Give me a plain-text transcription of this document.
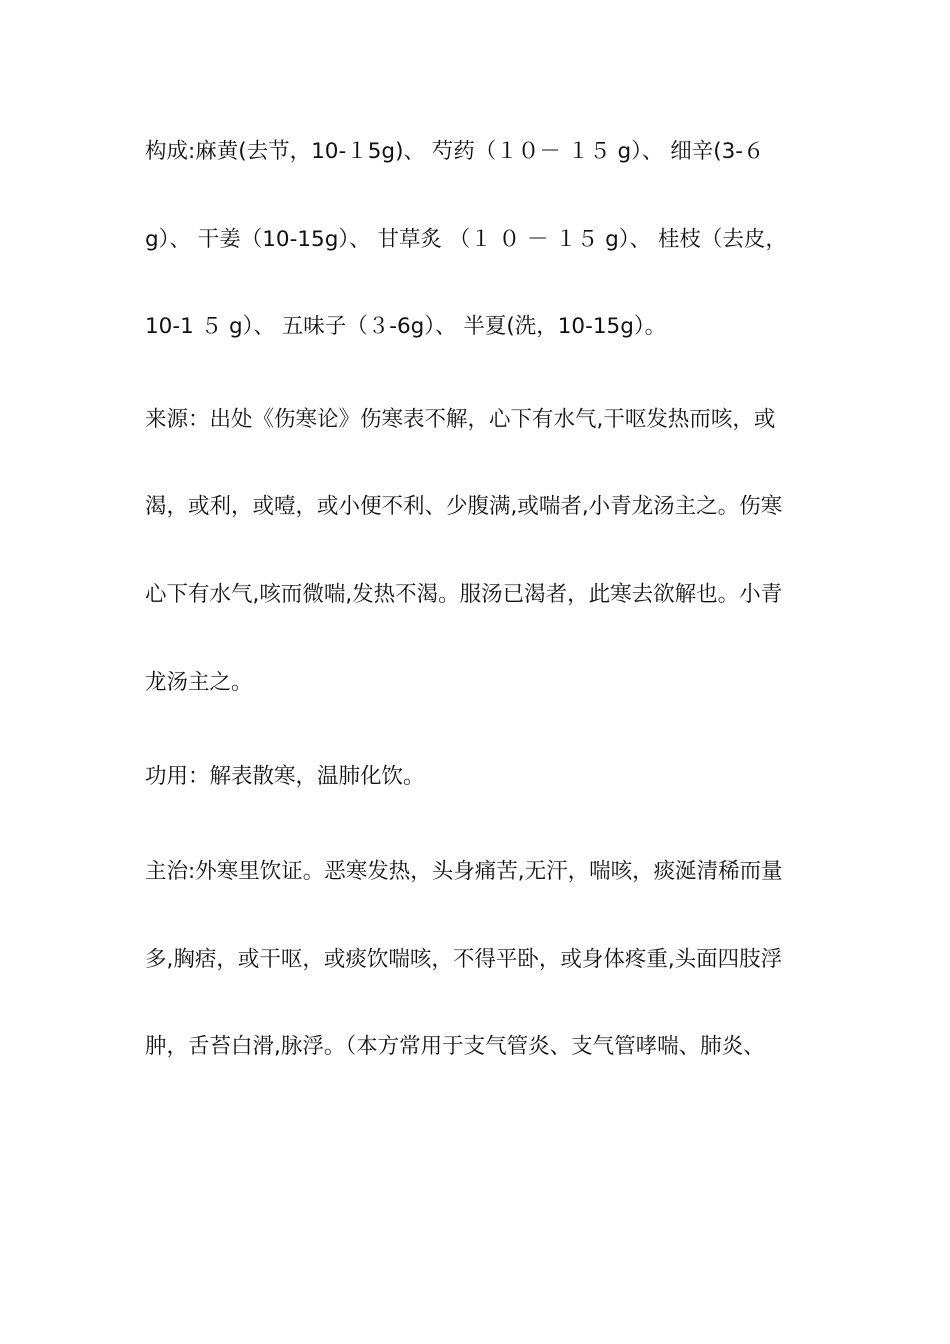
构成:麻黄(去节，10-１5g)、 芍药（１０－ １５ g）、 细辛(3-６
g）、 干姜（10-15g）、 甘草炙 （１ ０ － １５ g）、 桂枝（去皮，
10-1 ５ g）、 五味子（３-6g）、 半夏(洗，10-15g）。
来源：出处《伤寒论》伤寒表不解，心下有水气,干呕发热而咳，或
渴，或利，或噎，或小便不利、少腹满,或喘者,小青龙汤主之。伤寒
心下有水气,咳而微喘,发热不渴。服汤已渴者，此寒去欲解也。小青
龙汤主之。
功用：解表散寒，温肺化饮。
主治:外寒里饮证。恶寒发热，头身痛苦,无汗，喘咳，痰涎清稀而量
多,胸痞，或干呕，或痰饮喘咳，不得平卧，或身体疼重,头面四肢浮
肿，舌苔白滑,脉浮。（本方常用于支气管炎、支气管哮喘、肺炎、
